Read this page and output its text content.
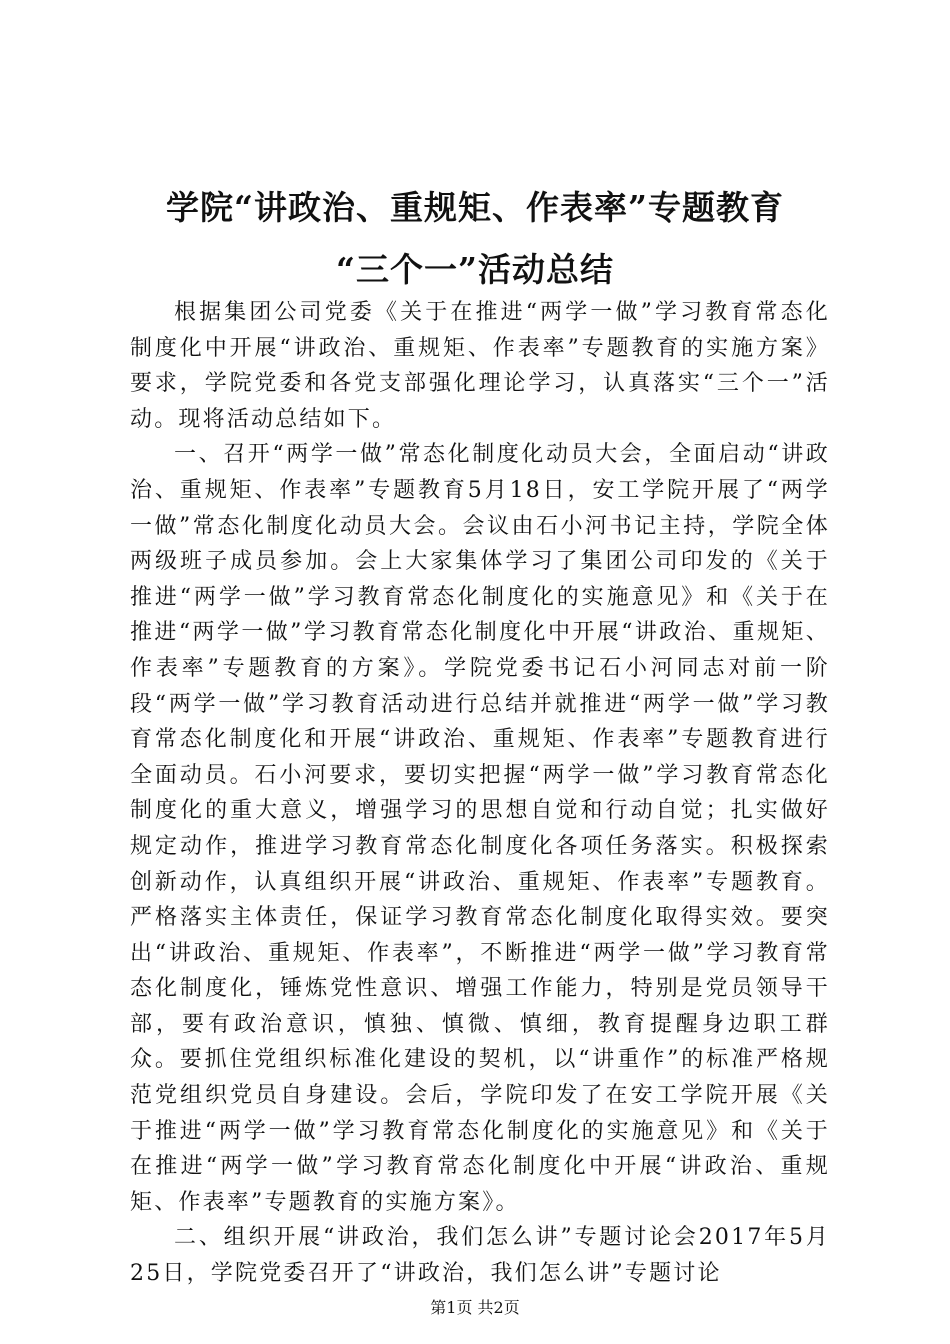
学院“讲政治、重规矩、作表率”专题教育
“三个一”活动总结

根据集团公司党委《关于在推进“两学一做”学习教育常态化制度化中开展“讲政治、重规矩、作表率”专题教育的实施方案》要求，学院党委和各党支部强化理论学习，认真落实“三个一”活动。现将活动总结如下。

一、召开“两学一做”常态化制度化动员大会，全面启动“讲政治、重规矩、作表率”专题教育5月18日，安工学院开展了“两学一做”常态化制度化动员大会。会议由石小河书记主持，学院全体两级班子成员参加。会上大家集体学习了集团公司印发的《关于推进“两学一做”学习教育常态化制度化的实施意见》和《关于在推进“两学一做”学习教育常态化制度化中开展“讲政治、重规矩、作表率”专题教育的方案》。学院党委书记石小河同志对前一阶段“两学一做”学习教育活动进行总结并就推进“两学一做”学习教育常态化制度化和开展“讲政治、重规矩、作表率”专题教育进行全面动员。石小河要求，要切实把握“两学一做”学习教育常态化制度化的重大意义，增强学习的思想自觉和行动自觉；扎实做好规定动作，推进学习教育常态化制度化各项任务落实。积极探索创新动作，认真组织开展“讲政治、重规矩、作表率”专题教育。严格落实主体责任，保证学习教育常态化制度化取得实效。要突出“讲政治、重规矩、作表率”，不断推进“两学一做”学习教育常态化制度化，锤炼党性意识、增强工作能力，特别是党员领导干部，要有政治意识，慎独、慎微、慎细，教育提醒身边职工群众。要抓住党组织标准化建设的契机，以“讲重作”的标准严格规范党组织党员自身建设。会后，学院印发了在安工学院开展《关于推进“两学一做”学习教育常态化制度化的实施意见》和《关于在推进“两学一做”学习教育常态化制度化中开展“讲政治、重规矩、作表率”专题教育的实施方案》。

二、组织开展“讲政治，我们怎么讲”专题讨论会2017年5月25日，学院党委召开了“讲政治，我们怎么讲”专题讨论

第1页 共2页
